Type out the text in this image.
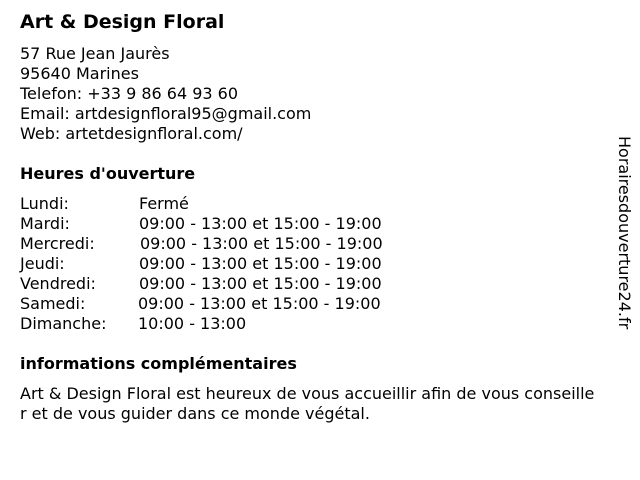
Art & Design Floral
57 Rue Jean Jaurès
95640 Marines
Telefon: +33 9 86 64 93 60
Email: artdesignfloral95@gmail.com
Web: artetdesignfloral.com/
Heures d'ouverture
Lundi:	Fermé
Mardi:	09:00 - 13:00 et 15:00 - 19:00
Mercredi:	09:00 - 13:00 et 15:00 - 19:00
Jeudi:	09:00 - 13:00 et 15:00 - 19:00
Vendredi:	09:00 - 13:00 et 15:00 - 19:00
Samedi:	09:00 - 13:00 et 15:00 - 19:00
Dimanche: 10:00 - 13:00
informations complémentaires

Art & Design Floral est heureux de vous accueillir afin de vous conseiller et de vous guider dans ce monde végétal.

Horairesdouverture24.fr
